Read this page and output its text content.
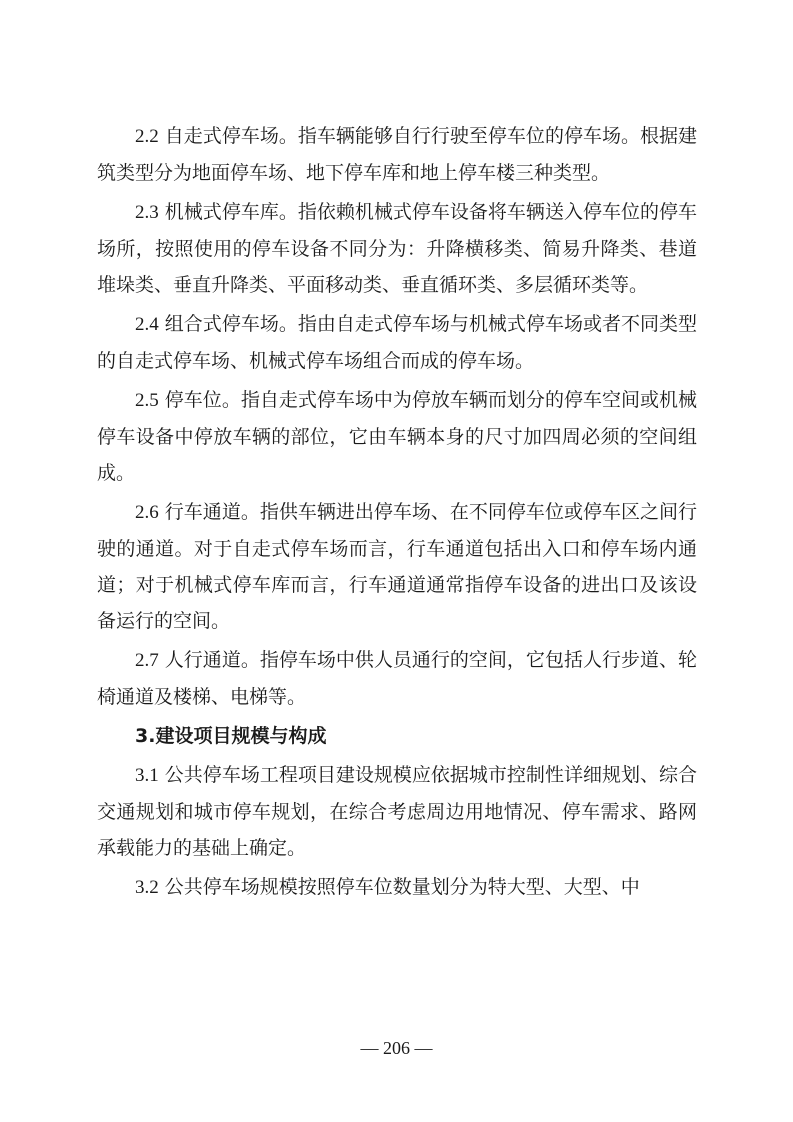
2.2 自走式停车场。指车辆能够自行行驶至停车位的停车场。根据建筑类型分为地面停车场、地下停车库和地上停车楼三种类型。

2.3 机械式停车库。指依赖机械式停车设备将车辆送入停车位的停车场所，按照使用的停车设备不同分为：升降横移类、简易升降类、巷道堆垛类、垂直升降类、平面移动类、垂直循环类、多层循环类等。

2.4 组合式停车场。指由自走式停车场与机械式停车场或者不同类型的自走式停车场、机械式停车场组合而成的停车场。

2.5 停车位。指自走式停车场中为停放车辆而划分的停车空间或机械停车设备中停放车辆的部位，它由车辆本身的尺寸加四周必须的空间组成。

2.6 行车通道。指供车辆进出停车场、在不同停车位或停车区之间行驶的通道。对于自走式停车场而言，行车通道包括出入口和停车场内通道；对于机械式停车库而言，行车通道通常指停车设备的进出口及该设备运行的空间。

2.7 人行通道。指停车场中供人员通行的空间，它包括人行步道、轮椅通道及楼梯、电梯等。

3.建设项目规模与构成

3.1 公共停车场工程项目建设规模应依据城市控制性详细规划、综合交通规划和城市停车规划，在综合考虑周边用地情况、停车需求、路网承载能力的基础上确定。

3.2 公共停车场规模按照停车位数量划分为特大型、大型、中

— 206 —
